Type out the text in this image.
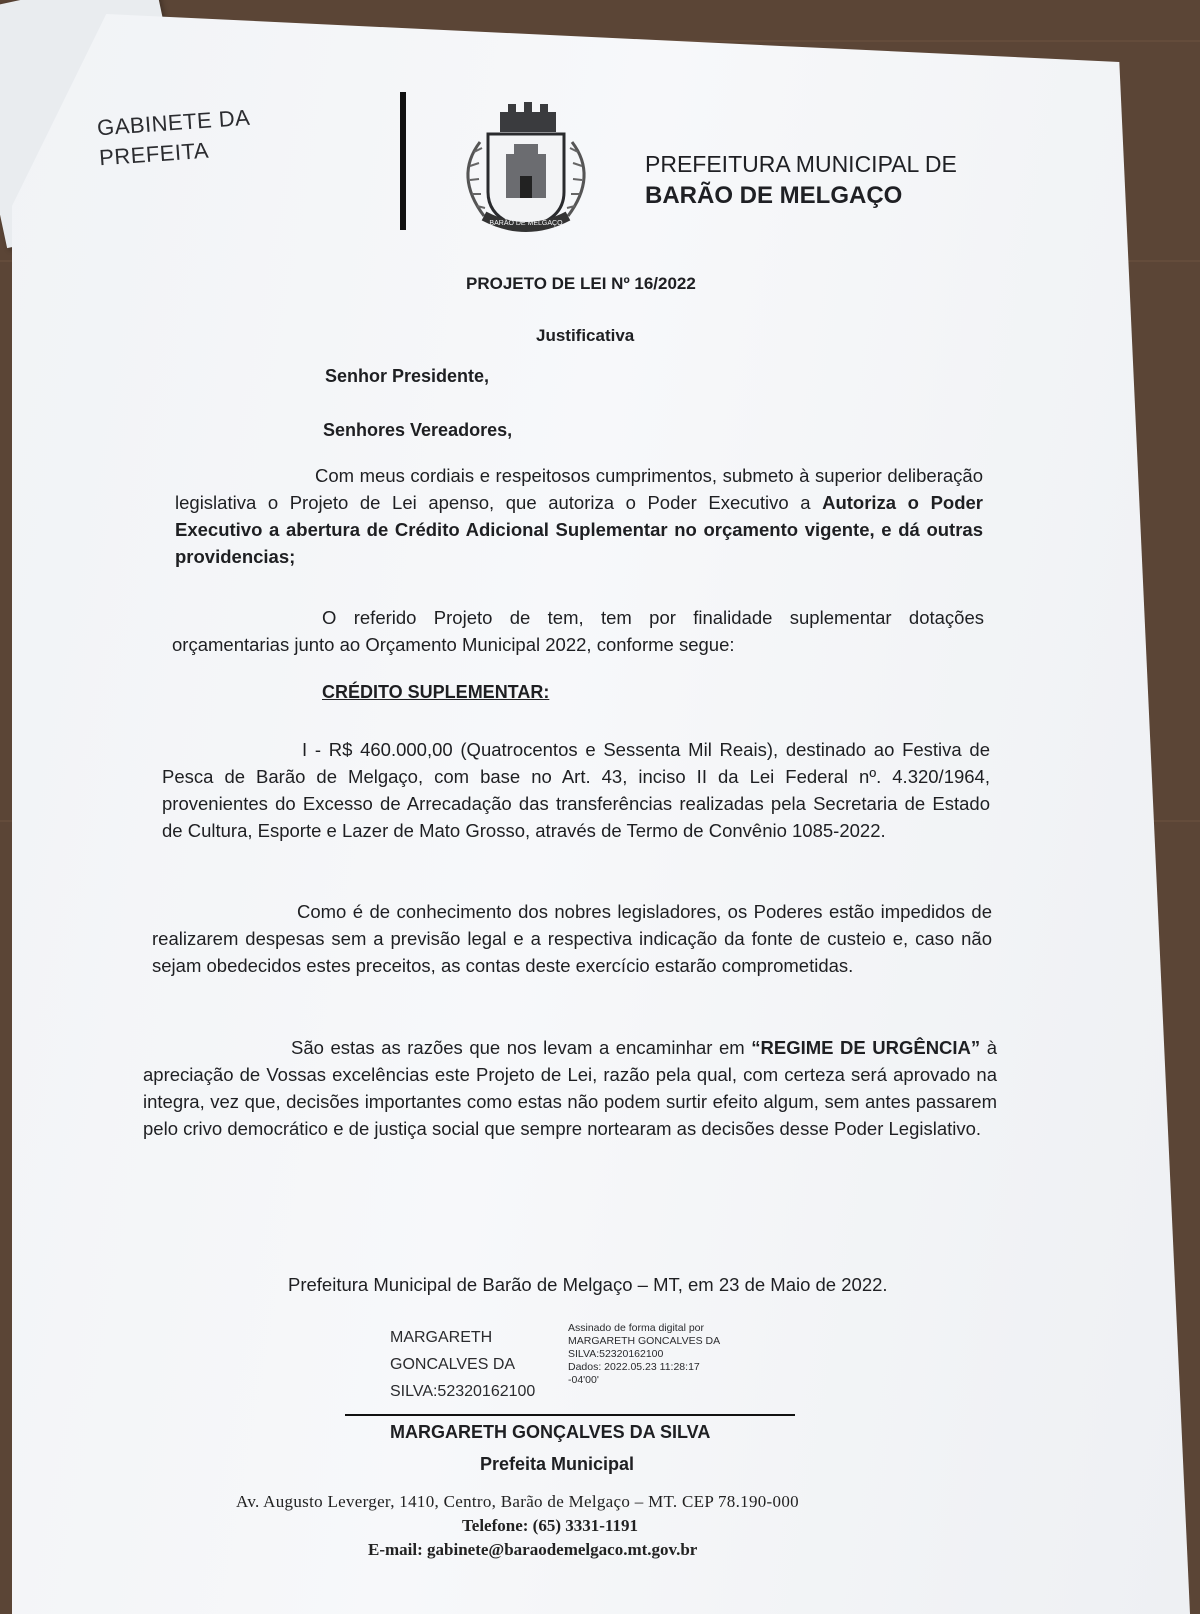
GABINETE DA
PREFEITA
BARÃO DE MELGAÇO
PREFEITURA MUNICIPAL DE
BARÃO DE MELGAÇO
PROJETO DE LEI Nº 16/2022
Justificativa
Senhor Presidente,
Senhores Vereadores,
Com meus cordiais e respeitosos cumprimentos, submeto à superior deliberação legislativa o Projeto de Lei apenso, que autoriza o Poder Executivo a Autoriza o Poder Executivo a abertura de Crédito Adicional Suplementar no orçamento vigente, e dá outras providencias;
O referido Projeto de tem, tem por finalidade suplementar dotações orçamentarias junto ao Orçamento Municipal 2022, conforme segue:
CRÉDITO SUPLEMENTAR:
I - R$ 460.000,00 (Quatrocentos e Sessenta Mil Reais), destinado ao Festiva de Pesca de Barão de Melgaço, com base no Art. 43, inciso II da Lei Federal nº. 4.320/1964, provenientes do Excesso de Arrecadação das transferências realizadas pela Secretaria de Estado de Cultura, Esporte e Lazer de Mato Grosso, através de Termo de Convênio 1085-2022.
Como é de conhecimento dos nobres legisladores, os Poderes estão impedidos de realizarem despesas sem a previsão legal e a respectiva indicação da fonte de custeio e, caso não sejam obedecidos estes preceitos, as contas deste exercício estarão comprometidas.
São estas as razões que nos levam a encaminhar em “REGIME DE URGÊNCIA” à apreciação de Vossas excelências este Projeto de Lei, razão pela qual, com certeza será aprovado na integra, vez que, decisões importantes como estas não podem surtir efeito algum, sem antes passarem pelo crivo democrático e de justiça social que sempre nortearam as decisões desse Poder Legislativo.
Prefeitura Municipal de Barão de Melgaço – MT, em 23 de Maio de 2022.
MARGARETH
GONCALVES DA
SILVA:52320162100
Assinado de forma digital por
MARGARETH GONCALVES DA
SILVA:52320162100
Dados: 2022.05.23 11:28:17
-04'00'
MARGARETH GONÇALVES DA SILVA
Prefeita Municipal
Av. Augusto Leverger, 1410, Centro, Barão de Melgaço – MT. CEP 78.190-000
Telefone: (65) 3331-1191
E-mail: gabinete@baraodemelgaco.mt.gov.br
